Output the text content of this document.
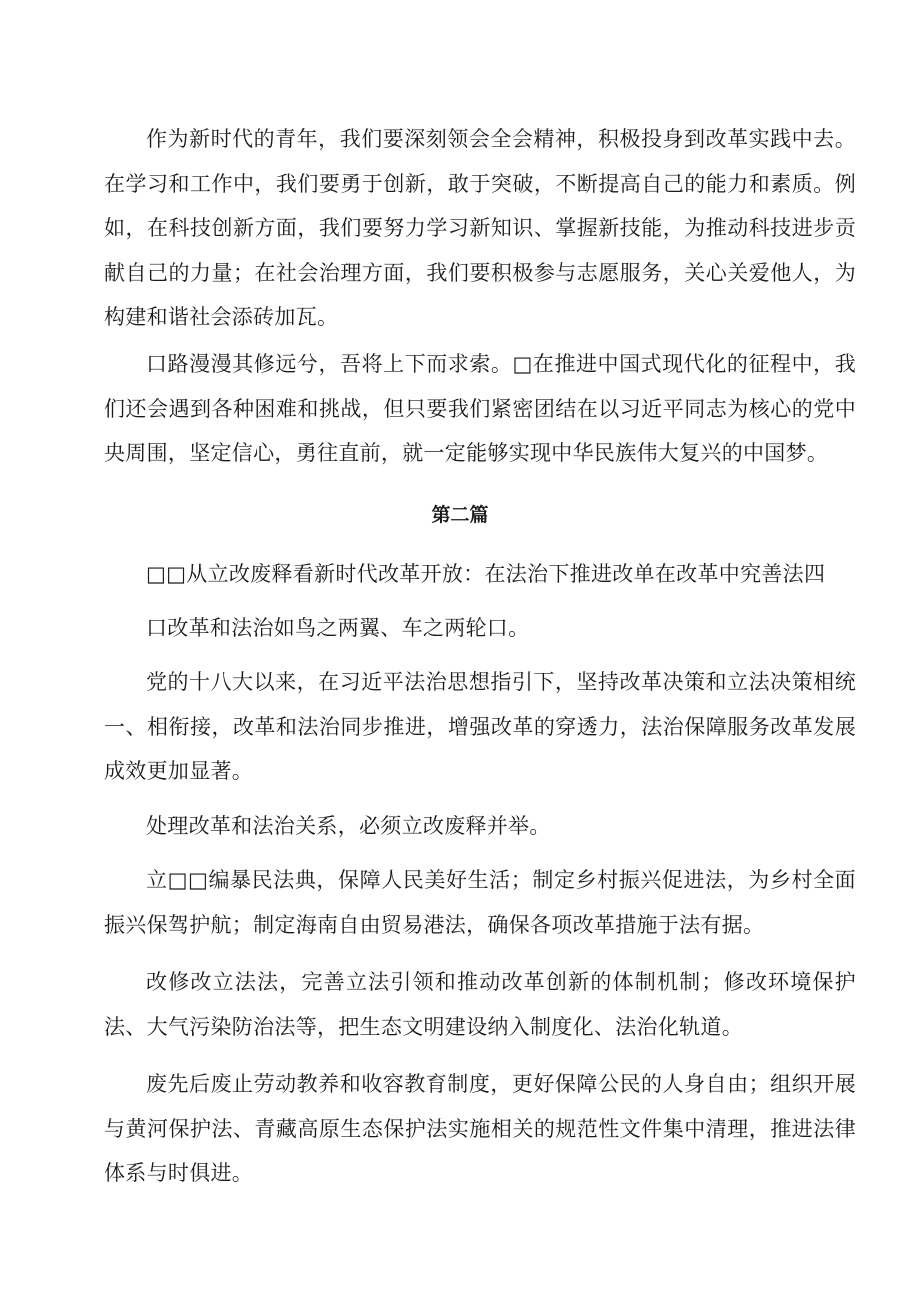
作为新时代的青年，我们要深刻领会全会精神，积极投身到改革实践中去。在学习和工作中，我们要勇于创新，敢于突破，不断提高自己的能力和素质。例如，在科技创新方面，我们要努力学习新知识、掌握新技能，为推动科技进步贡献自己的力量；在社会治理方面，我们要积极参与志愿服务，关心关爱他人，为构建和谐社会添砖加瓦。

口路漫漫其修远兮，吾将上下而求索。□在推进中国式现代化的征程中，我们还会遇到各种困难和挑战，但只要我们紧密团结在以习近平同志为核心的党中央周围，坚定信心，勇往直前，就一定能够实现中华民族伟大复兴的中国梦。

第二篇

□□从立改废释看新时代改革开放：在法治下推进改单在改革中究善法四

口改革和法治如鸟之两翼、车之两轮口。

党的十八大以来，在习近平法治思想指引下，坚持改革决策和立法决策相统一、相衔接，改革和法治同步推进，增强改革的穿透力，法治保障服务改革发展成效更加显著。

处理改革和法治关系，必须立改废释并举。

立□□编暴民法典，保障人民美好生活；制定乡村振兴促进法，为乡村全面振兴保驾护航；制定海南自由贸易港法，确保各项改革措施于法有据。

改修改立法法，完善立法引领和推动改革创新的体制机制；修改环境保护法、大气污染防治法等，把生态文明建设纳入制度化、法治化轨道。

废先后废止劳动教养和收容教育制度，更好保障公民的人身自由；组织开展与黄河保护法、青藏高原生态保护法实施相关的规范性文件集中清理，推进法律体系与时俱进。
